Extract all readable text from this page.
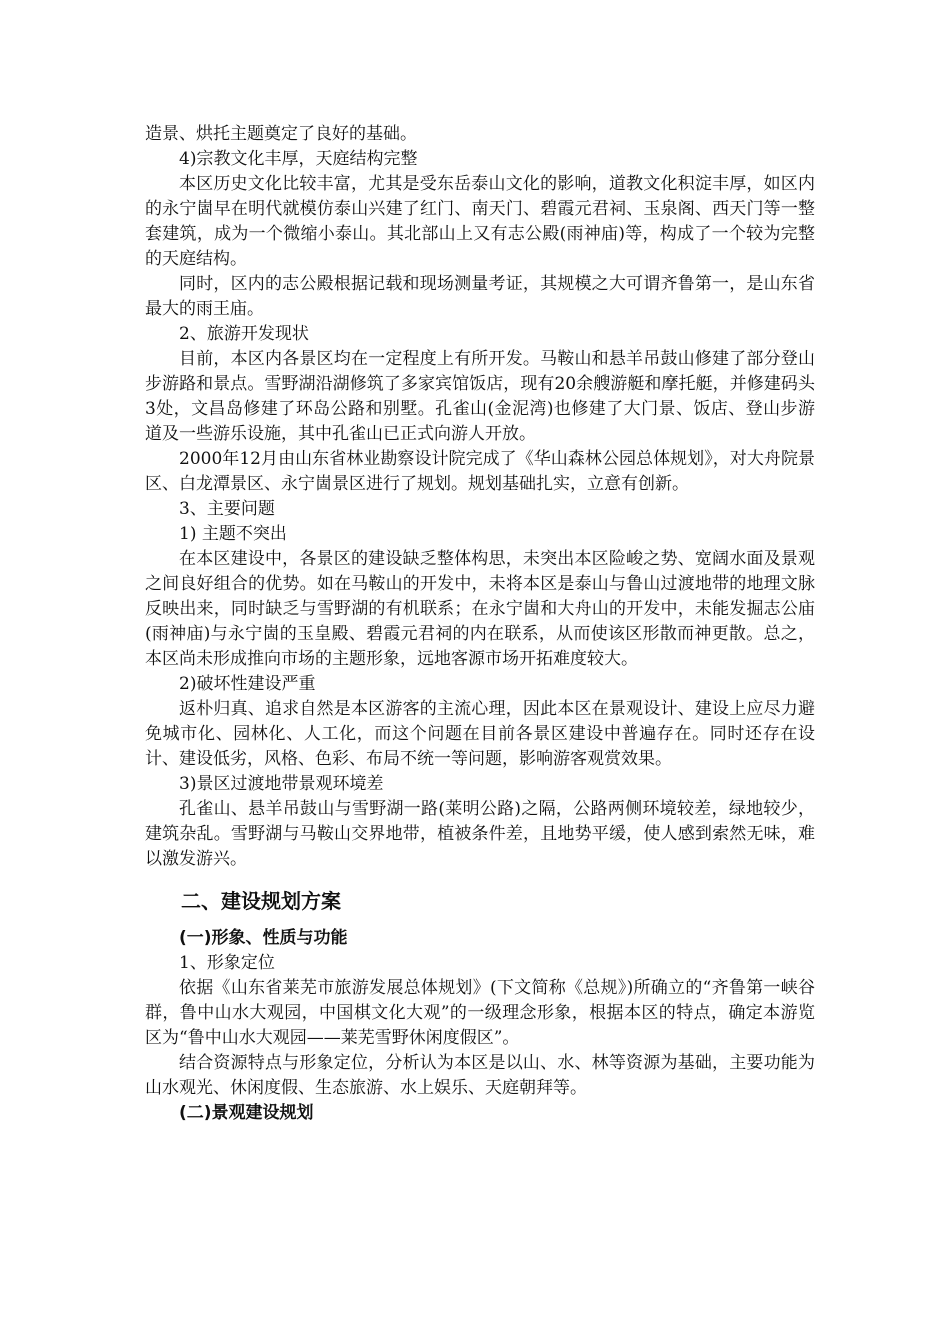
造景、烘托主题奠定了良好的基础。

4)宗教文化丰厚，天庭结构完整

本区历史文化比较丰富，尤其是受东岳泰山文化的影响，道教文化积淀丰厚，如区内的永宁崮早在明代就模仿泰山兴建了红门、南天门、碧霞元君祠、玉泉阁、西天门等一整套建筑，成为一个微缩小泰山。其北部山上又有志公殿(雨神庙)等，构成了一个较为完整的天庭结构。

同时，区内的志公殿根据记载和现场测量考证，其规模之大可谓齐鲁第一，是山东省最大的雨王庙。

2、旅游开发现状

目前，本区内各景区均在一定程度上有所开发。马鞍山和悬羊吊鼓山修建了部分登山步游路和景点。雪野湖沿湖修筑了多家宾馆饭店，现有20余艘游艇和摩托艇，并修建码头3处，文昌岛修建了环岛公路和别墅。孔雀山(金泥湾)也修建了大门景、饭店、登山步游道及一些游乐设施，其中孔雀山已正式向游人开放。

2000年12月由山东省林业勘察设计院完成了《华山森林公园总体规划》，对大舟院景区、白龙潭景区、永宁崮景区进行了规划。规划基础扎实，立意有创新。

3、主要问题

1) 主题不突出

在本区建设中，各景区的建设缺乏整体构思，未突出本区险峻之势、宽阔水面及景观之间良好组合的优势。如在马鞍山的开发中，未将本区是泰山与鲁山过渡地带的地理文脉反映出来，同时缺乏与雪野湖的有机联系；在永宁崮和大舟山的开发中，未能发掘志公庙(雨神庙)与永宁崮的玉皇殿、碧霞元君祠的内在联系，从而使该区形散而神更散。总之，本区尚未形成推向市场的主题形象，远地客源市场开拓难度较大。

2)破坏性建设严重

返朴归真、追求自然是本区游客的主流心理，因此本区在景观设计、建设上应尽力避免城市化、园林化、人工化，而这个问题在目前各景区建设中普遍存在。同时还存在设计、建设低劣，风格、色彩、布局不统一等问题，影响游客观赏效果。

3)景区过渡地带景观环境差

孔雀山、悬羊吊鼓山与雪野湖一路(莱明公路)之隔，公路两侧环境较差，绿地较少，建筑杂乱。雪野湖与马鞍山交界地带，植被条件差，且地势平缓，使人感到索然无味，难以激发游兴。

二、建设规划方案

(一)形象、性质与功能

1、形象定位

依据《山东省莱芜市旅游发展总体规划》(下文简称《总规》)所确立的“齐鲁第一峡谷群，鲁中山水大观园，中国棋文化大观”的一级理念形象，根据本区的特点，确定本游览区为“鲁中山水大观园——莱芜雪野休闲度假区”。

结合资源特点与形象定位，分析认为本区是以山、水、林等资源为基础，主要功能为山水观光、休闲度假、生态旅游、水上娱乐、天庭朝拜等。

(二)景观建设规划
